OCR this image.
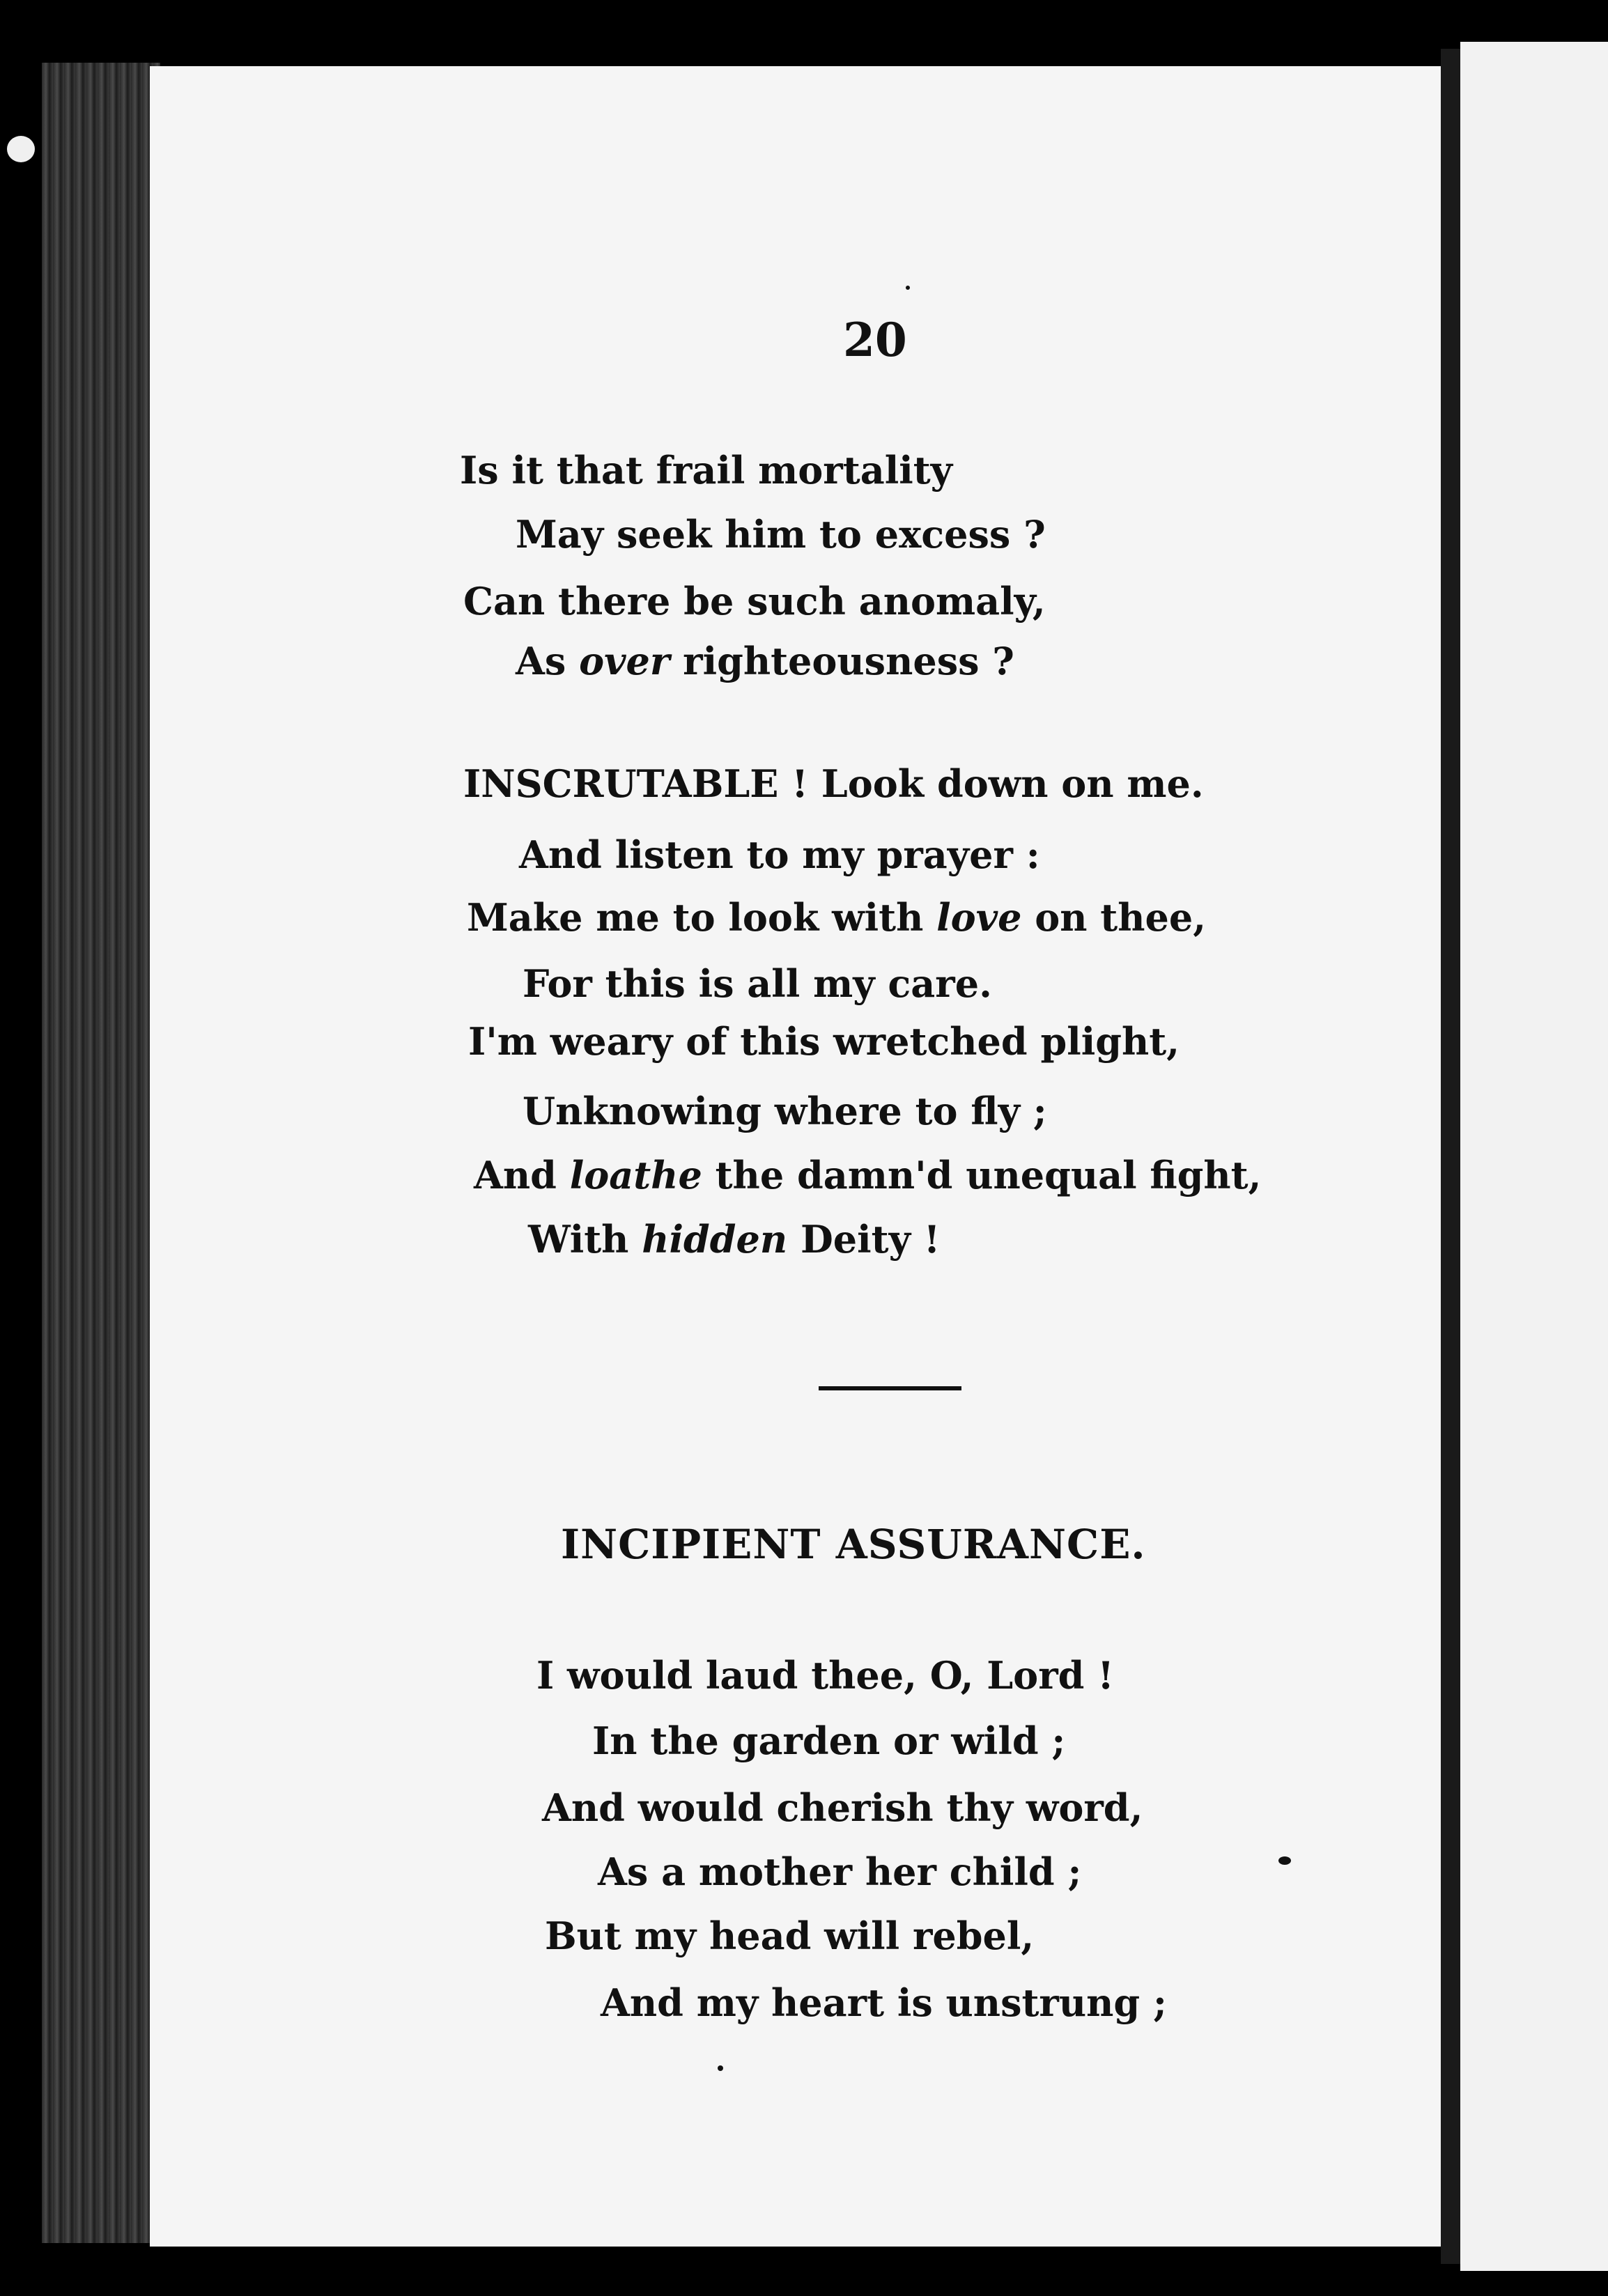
20
Is it that frail mortality
May seek him to excess ?
Can there be such anomaly,
As over righteousness ?
INSCRUTABLE ! Look down on me.
And listen to my prayer :
Make me to look with love on thee,
For this is all my care.
I'm weary of this wretched plight,
Unknowing where to fly ;
And loathe the damn'd unequal fight,
With hidden Deity !
INCIPIENT ASSURANCE.
I would laud thee, O, Lord !
In the garden or wild ;
And would cherish thy word,
As a mother her child ;
But my head will rebel,
And my heart is unstrung ;
